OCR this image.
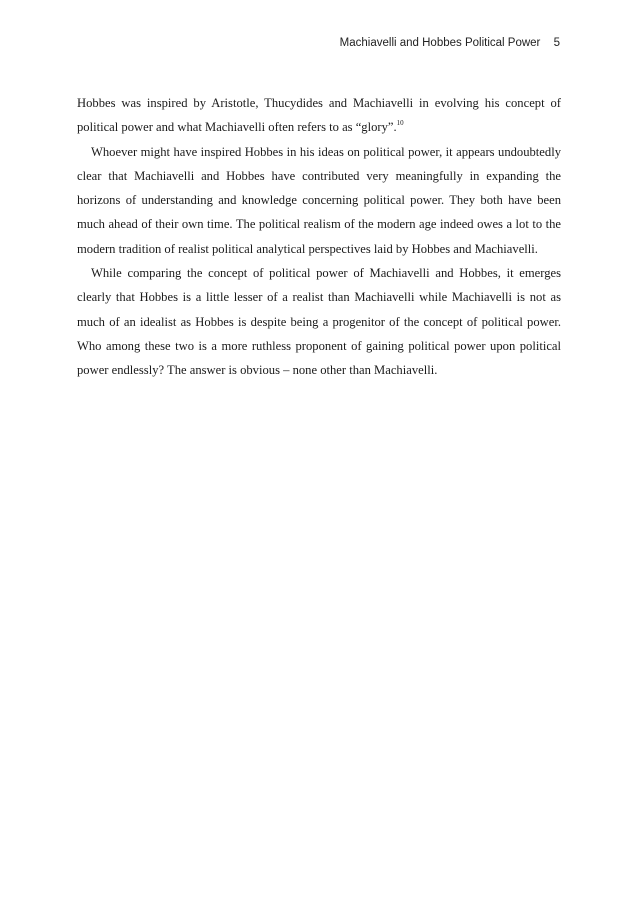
Machiavelli and Hobbes Political Power 5

Hobbes was inspired by Aristotle, Thucydides and Machiavelli in evolving his concept of political power and what Machiavelli often refers to as “glory”.$^{10}$

Whoever might have inspired Hobbes in his ideas on political power, it appears undoubtedly clear that Machiavelli and Hobbes have contributed very meaningfully in expanding the horizons of understanding and knowledge concerning political power. They both have been much ahead of their own time. The political realism of the modern age indeed owes a lot to the modern tradition of realist political analytical perspectives laid by Hobbes and Machiavelli.

While comparing the concept of political power of Machiavelli and Hobbes, it emerges clearly that Hobbes is a little lesser of a realist than Machiavelli while Machiavelli is not as much of an idealist as Hobbes is despite being a progenitor of the concept of political power. Who among these two is a more ruthless proponent of gaining political power upon political power endlessly? The answer is obvious – none other than Machiavelli.
